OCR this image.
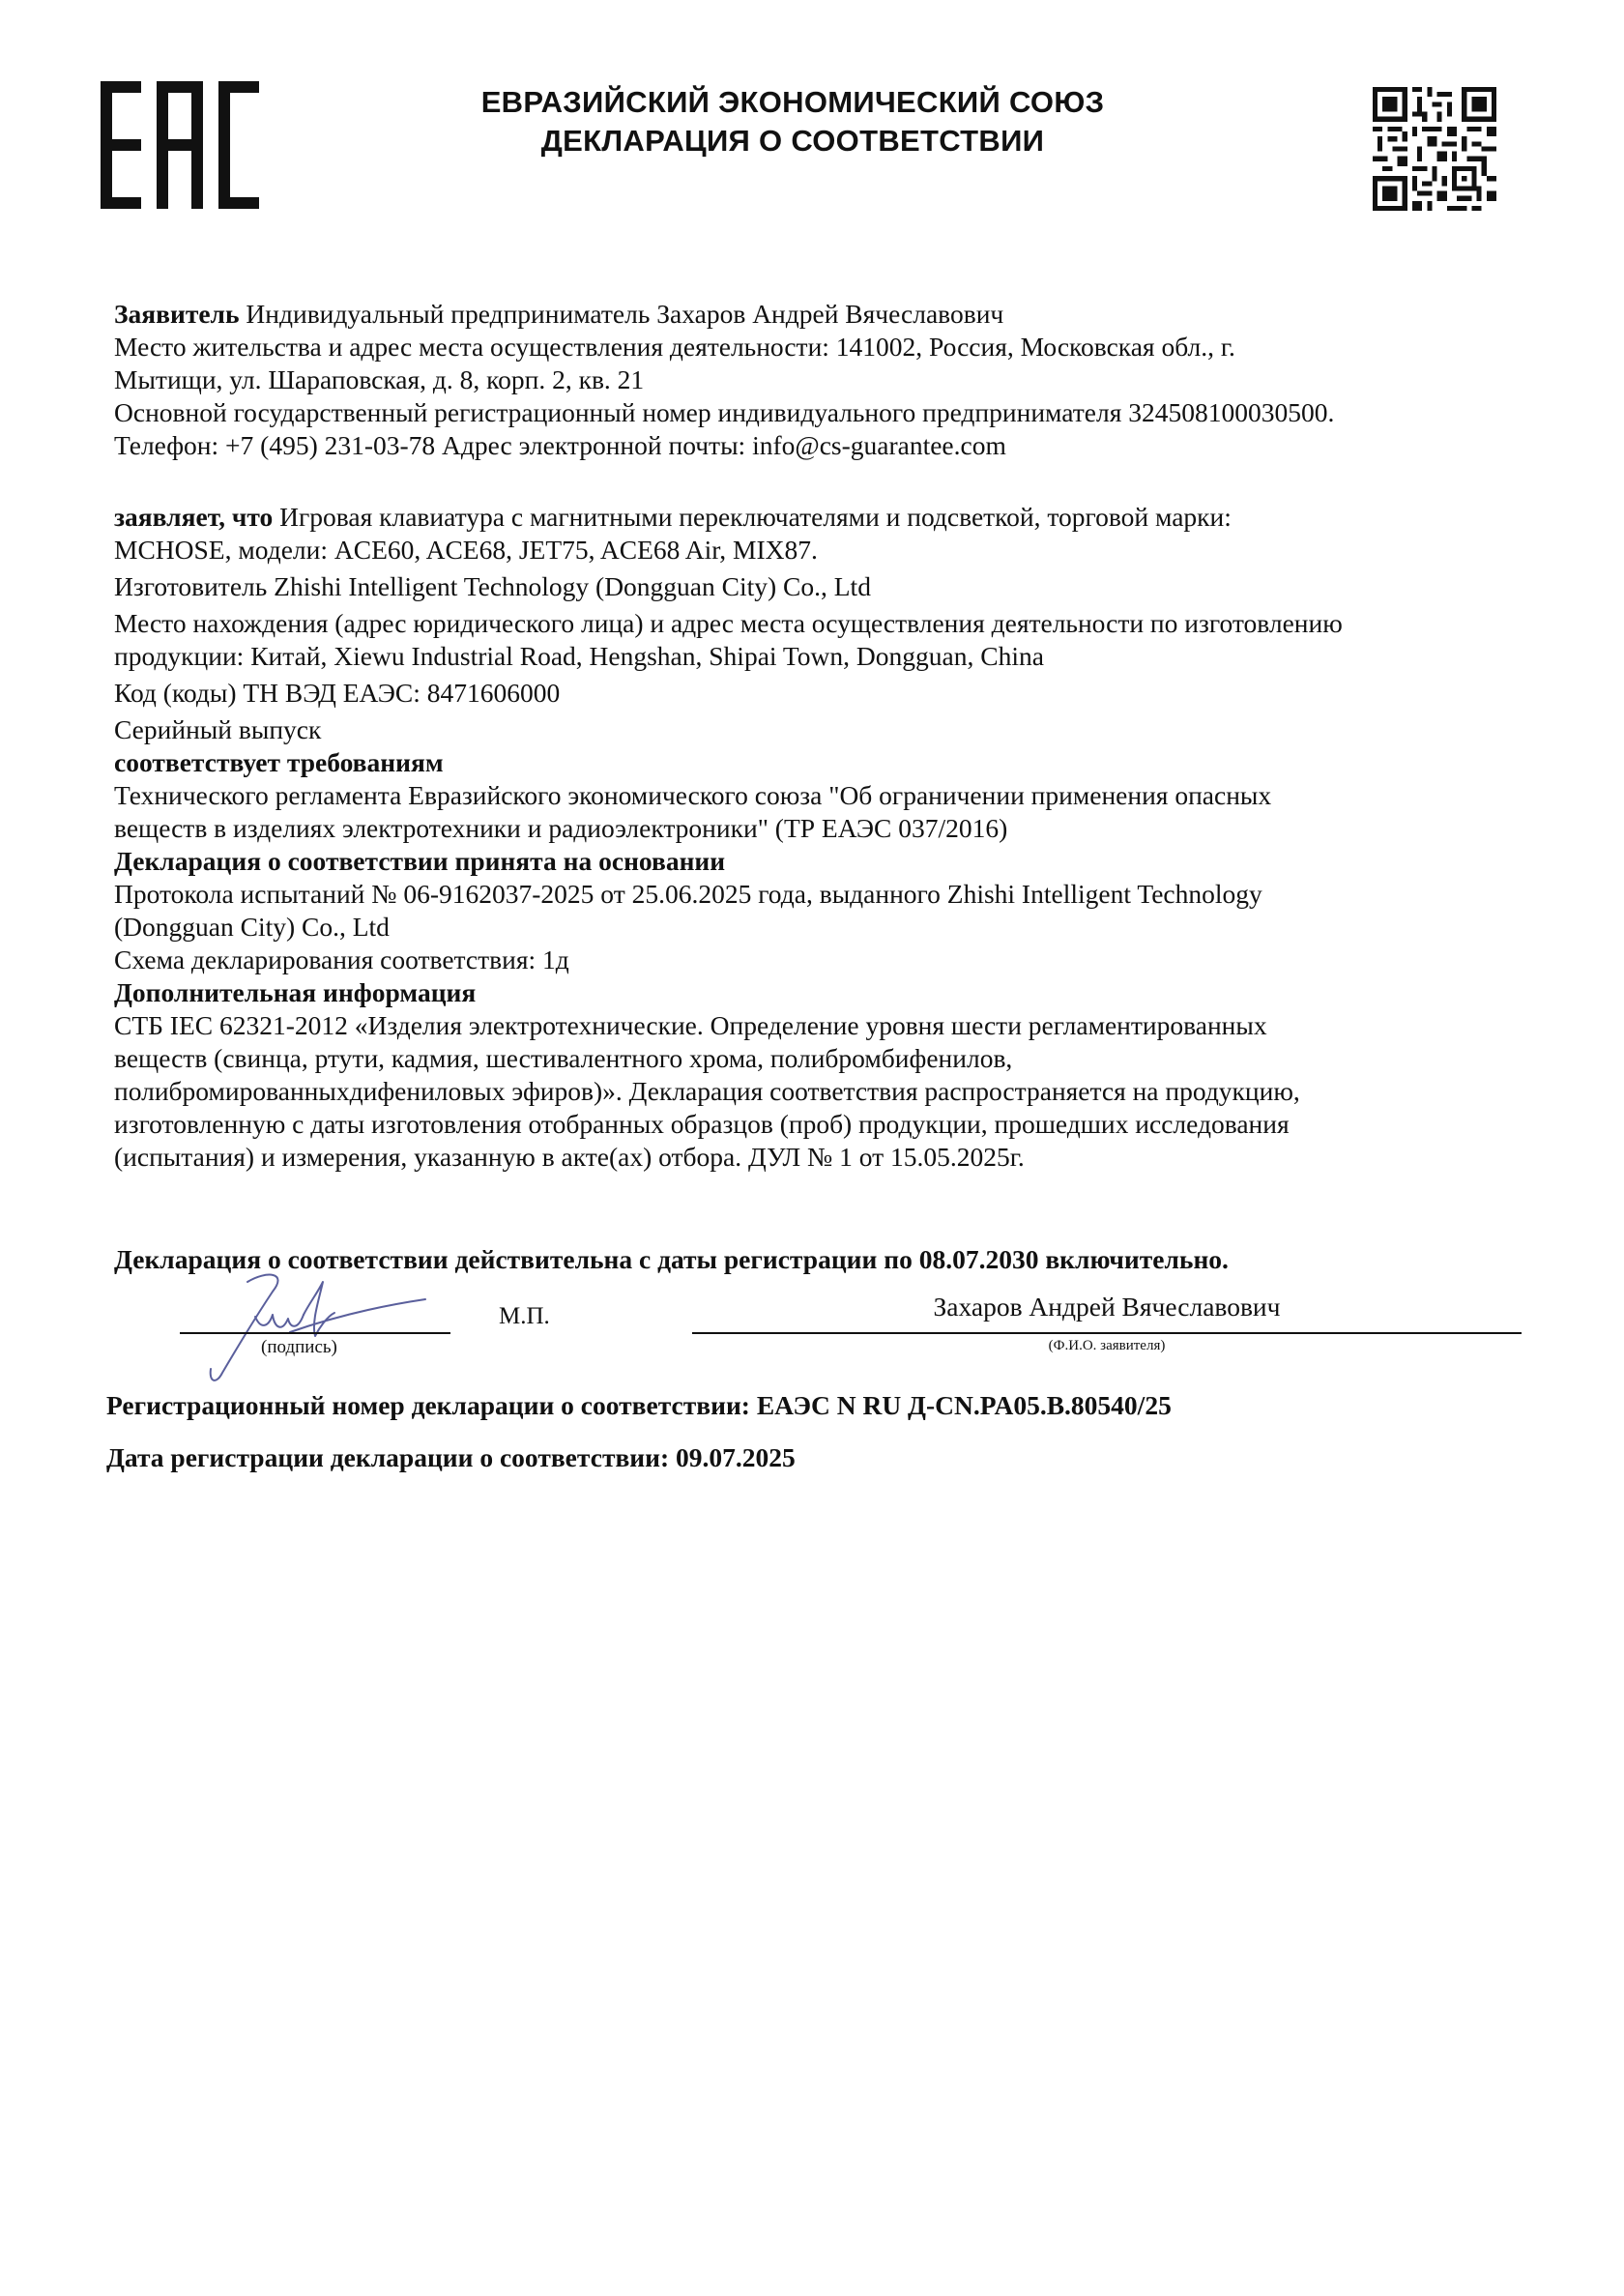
ЕВРАЗИЙСКИЙ ЭКОНОМИЧЕСКИЙ СОЮЗ
ДЕКЛАРАЦИЯ О СООТВЕТСТВИИ

Заявитель Индивидуальный предприниматель Захаров Андрей Вячеславович

Место жительства и адрес места осуществления деятельности: 141002, Россия, Московская обл., г.

Мытищи, ул. Шараповская, д. 8, корп. 2, кв. 21

Основной государственный регистрационный номер индивидуального предпринимателя 324508100030500.

Телефон: +7 (495) 231-03-78 Адрес электронной почты: info@cs-guarantee.com

заявляет, что Игровая клавиатура с магнитными переключателями и подсветкой, торговой марки:

MCHOSE, модели: ACE60, ACE68, JET75, ACE68 Air, MIX87.

Изготовитель Zhishi Intelligent Technology (Dongguan City) Co., Ltd

Место нахождения (адрес юридического лица) и адрес места осуществления деятельности по изготовлению

продукции: Китай, Xiewu Industrial Road, Hengshan, Shipai Town, Dongguan, China

Код (коды) ТН ВЭД ЕАЭС: 8471606000

Серийный выпуск

соответствует требованиям

Технического регламента Евразийского экономического союза "Об ограничении применения опасных

веществ в изделиях электротехники и радиоэлектроники" (ТР ЕАЭС 037/2016)

Декларация о соответствии принята на основании

Протокола испытаний № 06-9162037-2025 от 25.06.2025 года, выданного Zhishi Intelligent Technology

(Dongguan City) Co., Ltd

Схема декларирования соответствия: 1д

Дополнительная информация

СТБ IEC 62321-2012 «Изделия электротехнические. Определение уровня шести регламентированных

веществ (свинца, ртути, кадмия, шестивалентного хрома, полибромбифенилов,

полибромированныхдифениловых эфиров)». Декларация соответствия распространяется на продукцию,

изготовленную с даты изготовления отобранных образцов (проб) продукции, прошедших исследования

(испытания) и измерения, указанную в акте(ах) отбора. ДУЛ № 1 от 15.05.2025г.

Декларация о соответствии действительна с даты регистрации по 08.07.2030 включительно.
(подпись)
М.П.	Захаров Андрей Вячеславович
(Ф.И.О. заявителя)
Регистрационный номер декларации о соответствии: ЕАЭС N RU Д-CN.PA05.B.80540/25
Дата регистрации декларации о соответствии: 09.07.2025
